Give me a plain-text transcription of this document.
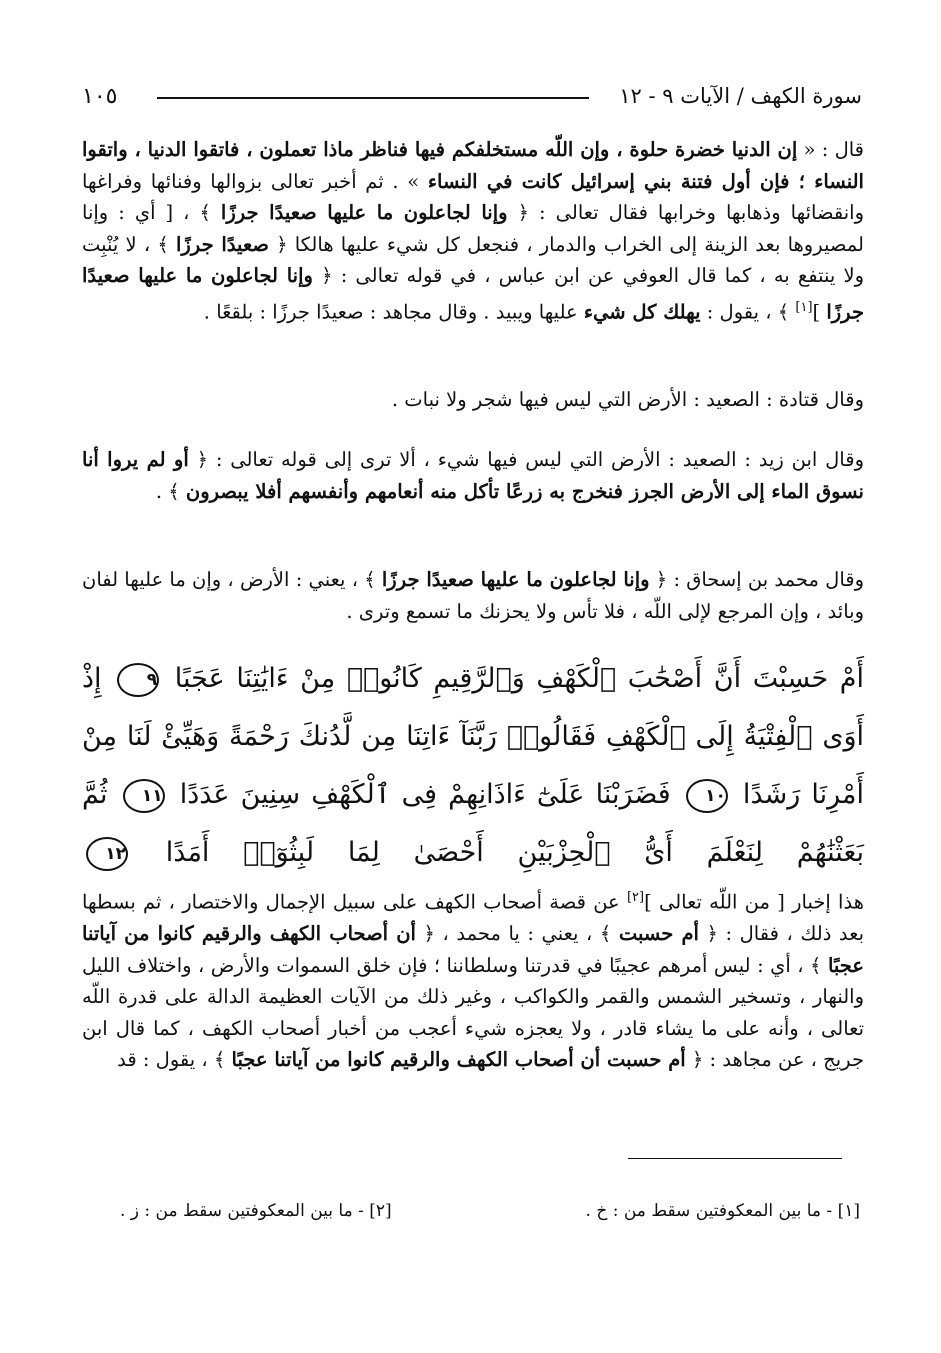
سورة الكهف / الآيات ٩ - ١٢
١٠٥

قال : « إن الدنيا خضرة حلوة ، وإن اللّه مستخلفكم فيها فناظر ماذا تعملون ، فاتقوا الدنيا ، واتقوا النساء ؛ فإن أول فتنة بني إسرائيل كانت في النساء » . ثم أخبر تعالى بزوالها وفنائها وفراغها وانقضائها وذهابها وخرابها فقال تعالى : ﴿ وإنا لجاعلون ما عليها صعيدًا جرزًا ﴾ ، [ أي : وإنا لمصيروها بعد الزينة إلى الخراب والدمار ، فنجعل كل شيء عليها هالكا ﴿ صعيدًا جرزًا ﴾ ، لا يُنْبِت ولا ينتفع به ، كما قال العوفي عن ابن عباس ، في قوله تعالى : ﴿ وإنا لجاعلون ما عليها صعيدًا جرزًا ][١] ﴾ ، يقول : يهلك كل شيء عليها ويبيد . وقال مجاهد : صعيدًا جرزًا : بلقعًا .

وقال قتادة : الصعيد : الأرض التي ليس فيها شجر ولا نبات .

وقال ابن زيد : الصعيد : الأرض التي ليس فيها شيء ، ألا ترى إلى قوله تعالى : ﴿ أو لم يروا أنا نسوق الماء إلى الأرض الجرز فنخرج به زرعًا تأكل منه أنعامهم وأنفسهم أفلا يبصرون ﴾ .

وقال محمد بن إسحاق : ﴿ وإنا لجاعلون ما عليها صعيدًا جرزًا ﴾ ، يعني : الأرض ، وإن ما عليها لفان وبائد ، وإن المرجع لإلى اللّه ، فلا تأس ولا يحزنك ما تسمع وترى .

أَمْ حَسِبْتَ أَنَّ أَصْحَٰبَ ٱلْكَهْفِ وَٱلرَّقِيمِ كَانُوا۟ مِنْ ءَايَٰتِنَا عَجَبًا ٩ إِذْ أَوَى ٱلْفِتْيَةُ إِلَى ٱلْكَهْفِ فَقَالُوا۟ رَبَّنَآ ءَاتِنَا مِن لَّدُنكَ رَحْمَةً وَهَيِّئْ لَنَا مِنْ أَمْرِنَا رَشَدًا ١٠ فَضَرَبْنَا عَلَىٰٓ ءَاذَانِهِمْ فِى ٱلْكَهْفِ سِنِينَ عَدَدًا ١١ ثُمَّ بَعَثْنَٰهُمْ لِنَعْلَمَ أَىُّ ٱلْحِزْبَيْنِ أَحْصَىٰ لِمَا لَبِثُوٓا۟ أَمَدًا ١٢

هذا إخبار [ من اللّه تعالى ][٢] عن قصة أصحاب الكهف على سبيل الإجمال والاختصار ، ثم بسطها بعد ذلك ، فقال : ﴿ أم حسبت ﴾ ، يعني : يا محمد ، ﴿ أن أصحاب الكهف والرقيم كانوا من آياتنا عجبًا ﴾ ، أي : ليس أمرهم عجيبًا في قدرتنا وسلطاننا ؛ فإن خلق السموات والأرض ، واختلاف الليل والنهار ، وتسخير الشمس والقمر والكواكب ، وغير ذلك من الآيات العظيمة الدالة على قدرة اللّه تعالى ، وأنه على ما يشاء قادر ، ولا يعجزه شيء أعجب من أخبار أصحاب الكهف ، كما قال ابن جريج ، عن مجاهد : ﴿ أم حسبت أن أصحاب الكهف والرقيم كانوا من آياتنا عجبًا ﴾ ، يقول : قد

[١] - ما بين المعكوفتين سقط من : خ .
[٢] - ما بين المعكوفتين سقط من : ز .
